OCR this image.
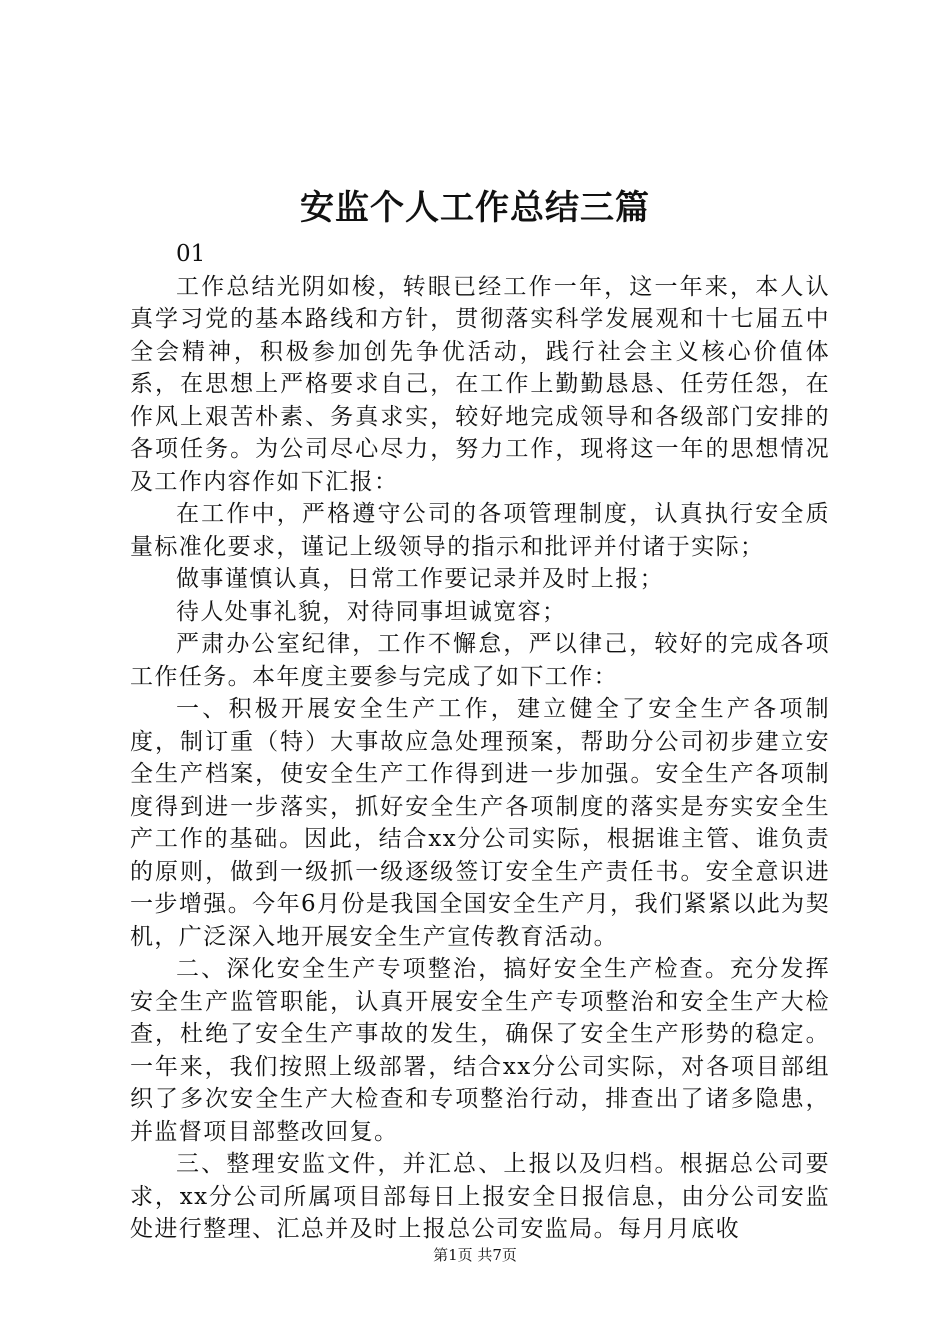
安监个人工作总结三篇

01

工作总结光阴如梭，转眼已经工作一年，这一年来，本人认真学习党的基本路线和方针，贯彻落实科学发展观和十七届五中全会精神，积极参加创先争优活动，践行社会主义核心价值体系，在思想上严格要求自己，在工作上勤勤恳恳、任劳任怨，在作风上艰苦朴素、务真求实，较好地完成领导和各级部门安排的各项任务。为公司尽心尽力，努力工作，现将这一年的思想情况及工作内容作如下汇报：

在工作中，严格遵守公司的各项管理制度，认真执行安全质量标准化要求，谨记上级领导的指示和批评并付诸于实际；

做事谨慎认真，日常工作要记录并及时上报；

待人处事礼貌，对待同事坦诚宽容；

严肃办公室纪律，工作不懈怠，严以律己，较好的完成各项工作任务。本年度主要参与完成了如下工作：

一、积极开展安全生产工作，建立健全了安全生产各项制度，制订重（特）大事故应急处理预案，帮助分公司初步建立安全生产档案，使安全生产工作得到进一步加强。安全生产各项制度得到进一步落实，抓好安全生产各项制度的落实是夯实安全生产工作的基础。因此，结合xx分公司实际，根据谁主管、谁负责的原则，做到一级抓一级逐级签订安全生产责任书。安全意识进一步增强。今年6月份是我国全国安全生产月，我们紧紧以此为契机，广泛深入地开展安全生产宣传教育活动。

二、深化安全生产专项整治，搞好安全生产检查。充分发挥安全生产监管职能，认真开展安全生产专项整治和安全生产大检查，杜绝了安全生产事故的发生，确保了安全生产形势的稳定。一年来，我们按照上级部署，结合xx分公司实际，对各项目部组织了多次安全生产大检查和专项整治行动，排查出了诸多隐患，并监督项目部整改回复。

三、整理安监文件，并汇总、上报以及归档。根据总公司要求，xx分公司所属项目部每日上报安全日报信息，由分公司安监处进行整理、汇总并及时上报总公司安监局。每月月底收

第1页 共7页
